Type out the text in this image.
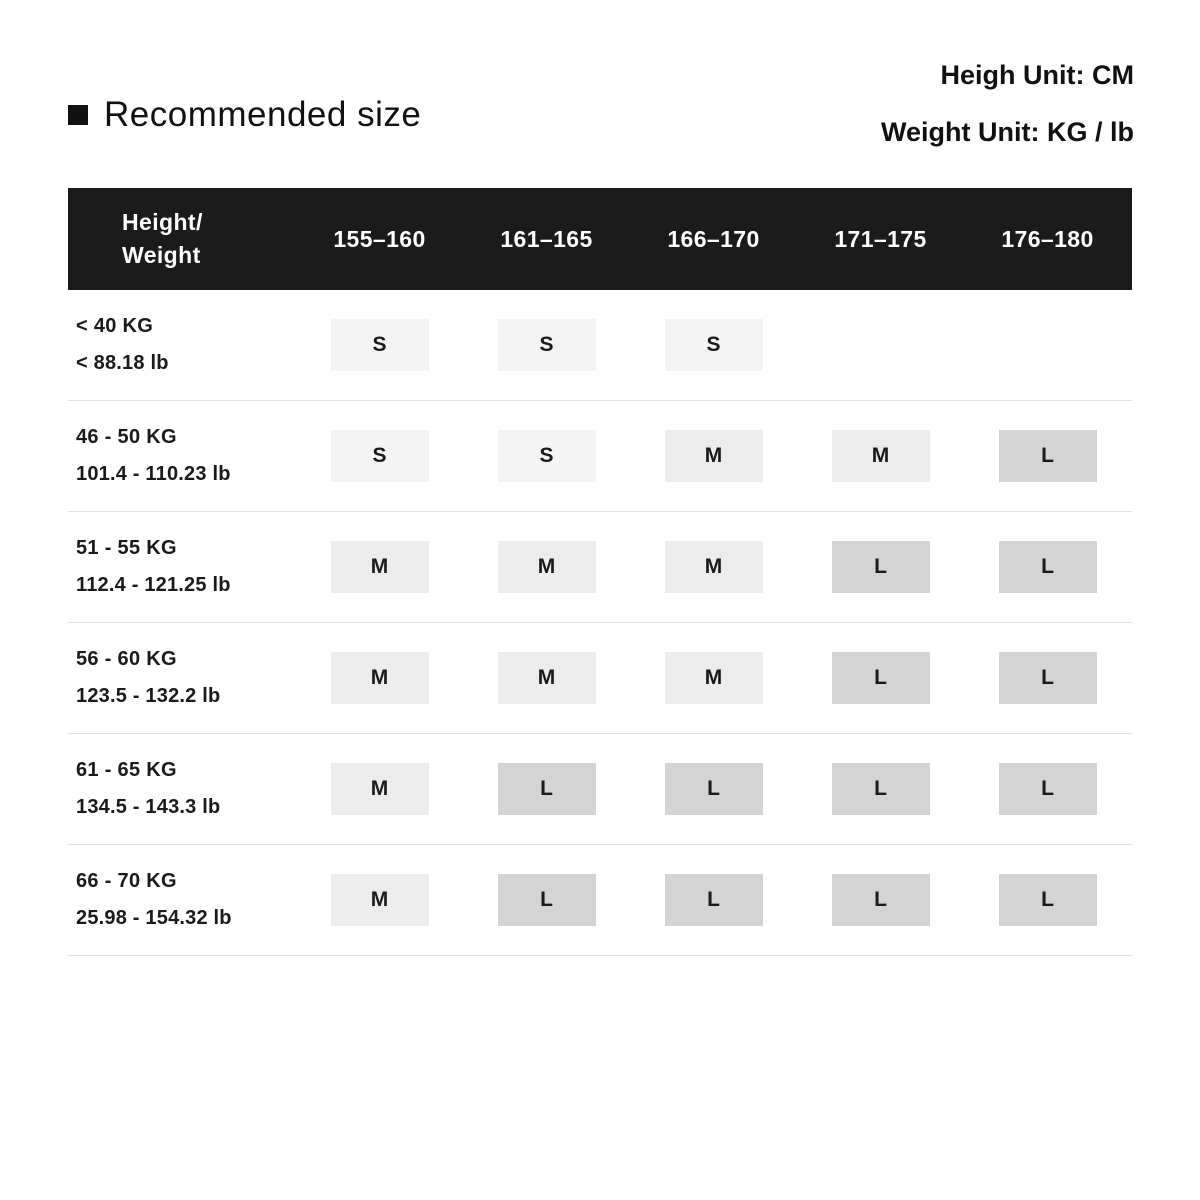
Recommended size
Heigh Unit: CM
Weight Unit: KG / lb
Height/
Weight
155–160	161–165	166–170	171–175	176–180
< 40 KG
< 88.18 lb
S	S	S
46 - 50 KG
101.4 - 110.23 lb
S	S	M	M	L
51 - 55 KG
112.4 - 121.25 lb
M	M	M	L	L
56 - 60 KG
123.5 - 132.2 lb
M	M	M	L	L
61 - 65 KG
134.5 - 143.3 lb
M	L	L	L	L
66 - 70 KG
25.98 - 154.32 lb
M	L	L	L	L
